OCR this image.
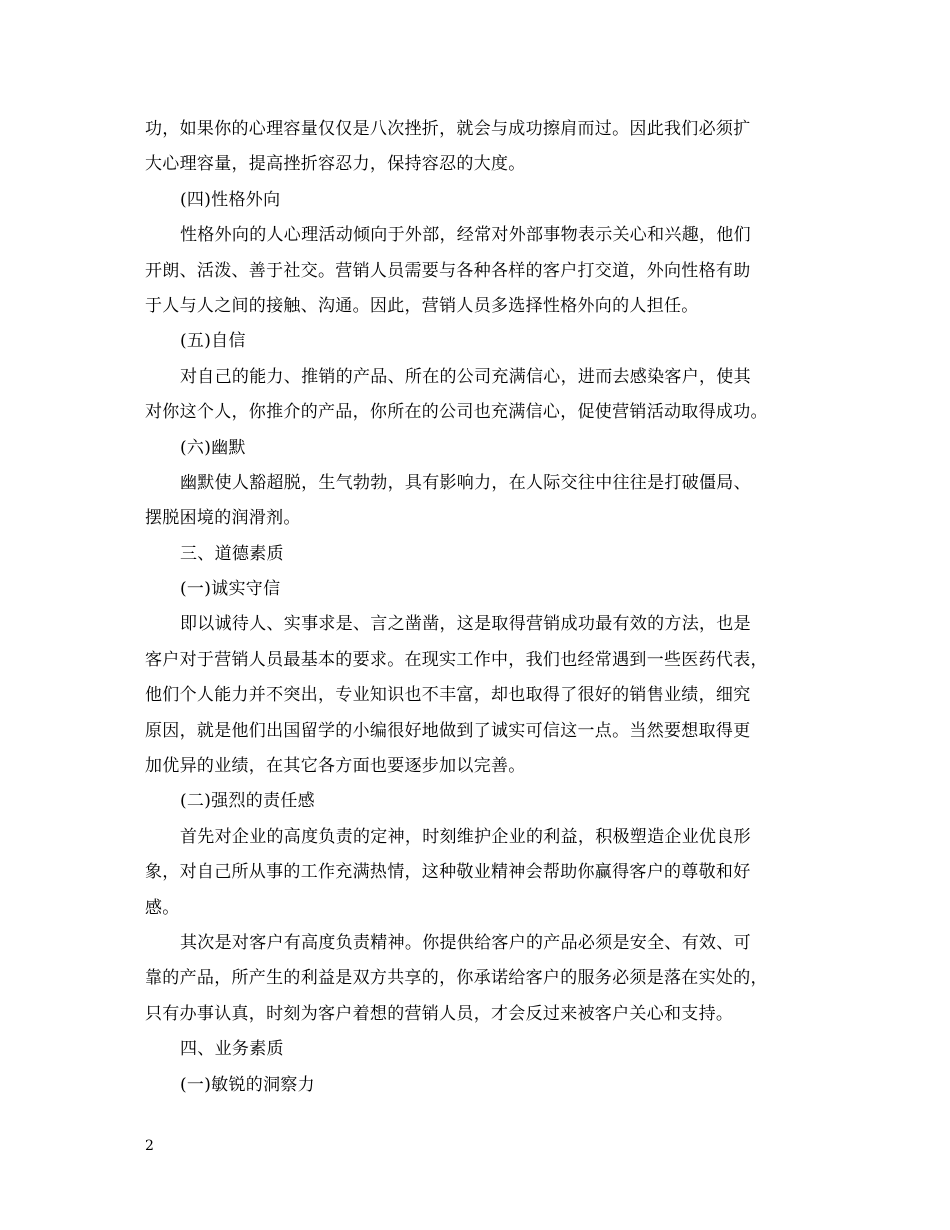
功，如果你的心理容量仅仅是八次挫折，就会与成功擦肩而过。因此我们必须扩
大心理容量，提高挫折容忍力，保持容忍的大度。
(四)性格外向
性格外向的人心理活动倾向于外部，经常对外部事物表示关心和兴趣，他们
开朗、活泼、善于社交。营销人员需要与各种各样的客户打交道，外向性格有助
于人与人之间的接触、沟通。因此，营销人员多选择性格外向的人担任。
(五)自信
对自己的能力、推销的产品、所在的公司充满信心，进而去感染客户，使其
对你这个人，你推介的产品，你所在的公司也充满信心，促使营销活动取得成功。
(六)幽默
幽默使人豁超脱，生气勃勃，具有影响力，在人际交往中往往是打破僵局、
摆脱困境的润滑剂。
三、道德素质
(一)诚实守信
即以诚待人、实事求是、言之凿凿，这是取得营销成功最有效的方法，也是
客户对于营销人员最基本的要求。在现实工作中，我们也经常遇到一些医药代表，
他们个人能力并不突出，专业知识也不丰富，却也取得了很好的销售业绩，细究
原因，就是他们出国留学的小编很好地做到了诚实可信这一点。当然要想取得更
加优异的业绩，在其它各方面也要逐步加以完善。
(二)强烈的责任感
首先对企业的高度负责的定神，时刻维护企业的利益，积极塑造企业优良形
象，对自己所从事的工作充满热情，这种敬业精神会帮助你赢得客户的尊敬和好
感。
其次是对客户有高度负责精神。你提供给客户的产品必须是安全、有效、可
靠的产品，所产生的利益是双方共享的，你承诺给客户的服务必须是落在实处的，
只有办事认真，时刻为客户着想的营销人员，才会反过来被客户关心和支持。
四、业务素质
(一)敏锐的洞察力
2
